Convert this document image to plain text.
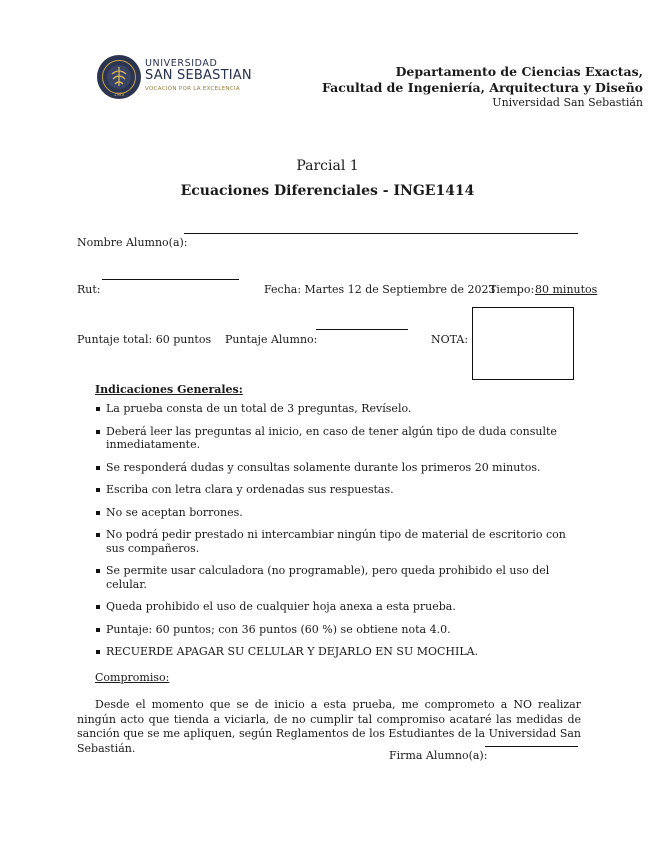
1989
UNIVERSIDAD
SAN SEBASTIAN
VOCACIÓN POR LA EXCELENCIA
Departamento de Ciencias Exactas,
Facultad de Ingeniería, Arquitectura y Diseño
Universidad San Sebastián
Parcial 1
Ecuaciones Diferenciales - INGE1414
Nombre Alumno(a):
Rut:	Fecha: Martes 12 de Septiembre de 2023
Tiempo: 80 minutos
Puntaje total: 60 puntos Puntaje Alumno:	NOTA:
Indicaciones Generales:
La prueba consta de un total de 3 preguntas, Revíselo.
Deberá leer las preguntas al inicio, en caso de tener algún tipo de duda consulte inmediatamente.
Se responderá dudas y consultas solamente durante los primeros 20 minutos.
Escriba con letra clara y ordenadas sus respuestas.
No se aceptan borrones.
No podrá pedir prestado ni intercambiar ningún tipo de material de escritorio con sus compañeros.
Se permite usar calculadora (no programable), pero queda prohibido el uso del celular.
Queda prohibido el uso de cualquier hoja anexa a esta prueba.
Puntaje: 60 puntos; con 36 puntos (60 %) se obtiene nota 4.0.
RECUERDE APAGAR SU CELULAR Y DEJARLO EN SU MOCHILA.
Compromiso:
Desde el momento que se de inicio a esta prueba, me comprometo a NO realizar ningún acto que tienda a viciarla, de no cumplir tal compromiso acataré las medidas de sanción que se me apliquen, según Reglamentos de los Estudiantes de la Universidad San Sebastián.
Firma Alumno(a):
